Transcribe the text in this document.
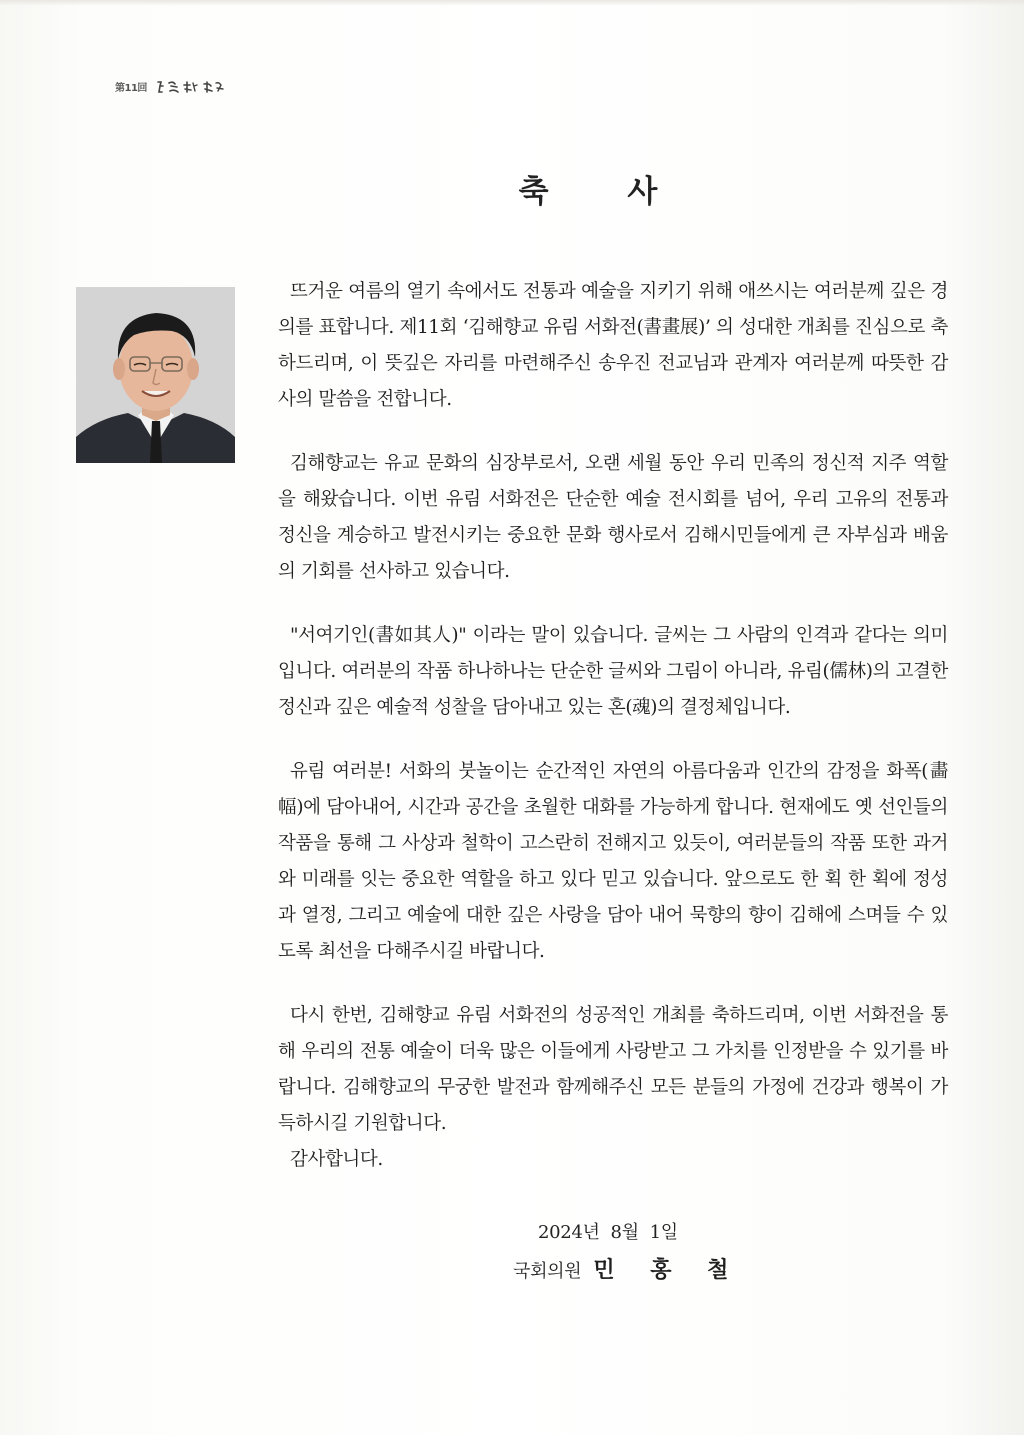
第11回
축 사

뜨거운 여름의 열기 속에서도 전통과 예술을 지키기 위해 애쓰시는 여러분께 깊은 경의를 표합니다. 제11회 ‘김해향교 유림 서화전(書畫展)’ 의 성대한 개최를 진심으로 축하드리며, 이 뜻깊은 자리를 마련해주신 송우진 전교님과 관계자 여러분께 따뜻한 감사의 말씀을 전합니다.

김해향교는 유교 문화의 심장부로서, 오랜 세월 동안 우리 민족의 정신적 지주 역할을 해왔습니다. 이번 유림 서화전은 단순한 예술 전시회를 넘어, 우리 고유의 전통과 정신을 계승하고 발전시키는 중요한 문화 행사로서 김해시민들에게 큰 자부심과 배움의 기회를 선사하고 있습니다.

"서여기인(書如其人)" 이라는 말이 있습니다. 글씨는 그 사람의 인격과 같다는 의미입니다. 여러분의 작품 하나하나는 단순한 글씨와 그림이 아니라, 유림(儒林)의 고결한 정신과 깊은 예술적 성찰을 담아내고 있는 혼(魂)의 결정체입니다.

유림 여러분! 서화의 붓놀이는 순간적인 자연의 아름다움과 인간의 감정을 화폭(畵幅)에 담아내어, 시간과 공간을 초월한 대화를 가능하게 합니다. 현재에도 옛 선인들의 작품을 통해 그 사상과 철학이 고스란히 전해지고 있듯이, 여러분들의 작품 또한 과거와 미래를 잇는 중요한 역할을 하고 있다 믿고 있습니다. 앞으로도 한 획 한 획에 정성과 열정, 그리고 예술에 대한 깊은 사랑을 담아 내어 묵향의 향이 김해에 스며들 수 있도록 최선을 다해주시길 바랍니다.

다시 한번, 김해향교 유림 서화전의 성공적인 개최를 축하드리며, 이번 서화전을 통해 우리의 전통 예술이 더욱 많은 이들에게 사랑받고 그 가치를 인정받을 수 있기를 바랍니다. 김해향교의 무궁한 발전과 함께해주신 모든 분들의 가정에 건강과 행복이 가득하시길 기원합니다.

감사합니다.

2024년  8월  1일
국회의원 민 홍 철
